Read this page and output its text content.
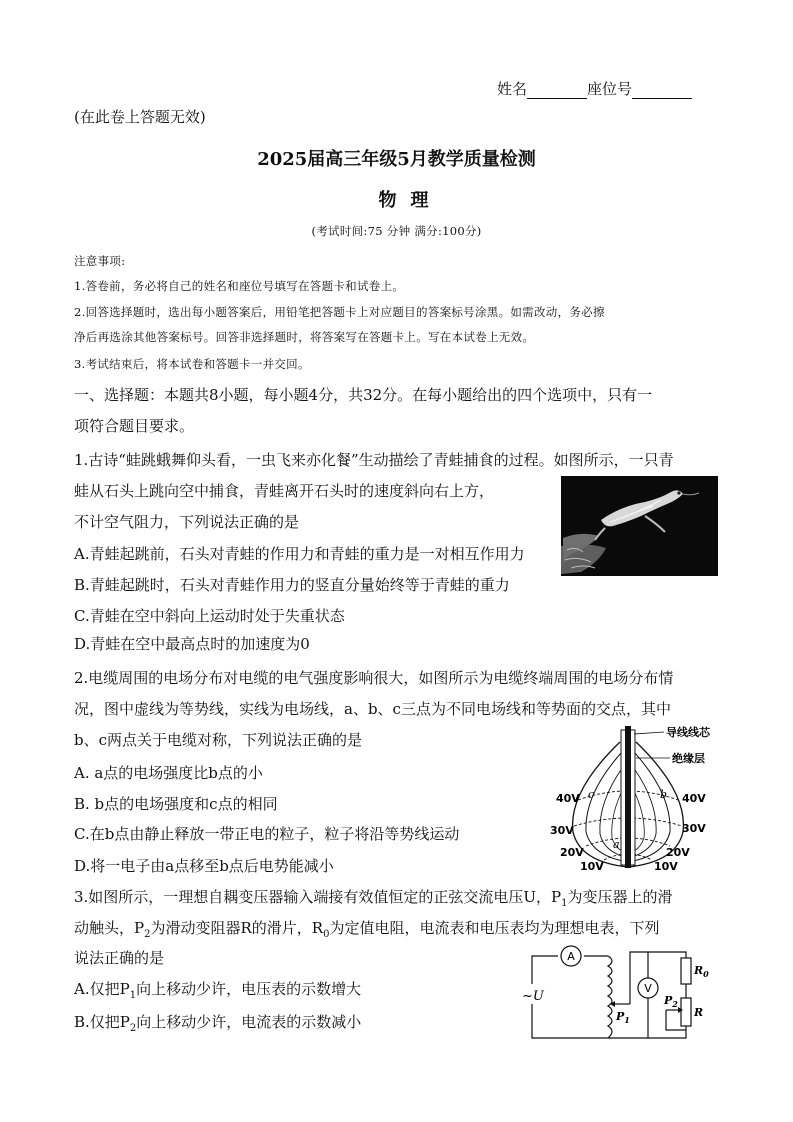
姓名	座位号
(在此卷上答题无效)
2025届高三年级5月教学质量检测
物理
(考试时间:75 分钟 满分:100分)
注意事项:
1.答卷前，务必将自己的姓名和座位号填写在答题卡和试卷上。
2.回答选择题时，选出每小题答案后，用铅笔把答题卡上对应题目的答案标号涂黑。如需改动，务必擦
净后再选涂其他答案标号。回答非选择题时，将答案写在答题卡上。写在本试卷上无效。
3.考试结束后，将本试卷和答题卡一并交回。
一、选择题：本题共8小题，每小题4分，共32分。在每小题给出的四个选项中，只有一
项符合题目要求。
1.古诗“蛙跳蛾舞仰头看，一虫飞来亦化餐”生动描绘了青蛙捕食的过程。如图所示，一只青
蛙从石头上跳向空中捕食，青蛙离开石头时的速度斜向右上方，
不计空气阻力，下列说法正确的是
A.青蛙起跳前，石头对青蛙的作用力和青蛙的重力是一对相互作用力
B.青蛙起跳时，石头对青蛙作用力的竖直分量始终等于青蛙的重力
C.青蛙在空中斜向上运动时处于失重状态
D.青蛙在空中最高点时的加速度为0
2.电缆周围的电场分布对电缆的电气强度影响很大，如图所示为电缆终端周围的电场分布情
况，图中虚线为等势线，实线为电场线，a、b、c三点为不同电场线和等势面的交点，其中
b、c两点关于电缆对称，下列说法正确的是
A. a点的电场强度比b点的小
B. b点的电场强度和c点的相同
C.在b点由静止释放一带正电的粒子，粒子将沿等势线运动
D.将一电子由a点移至b点后电势能减小
导线线芯
绝缘层
40V	40V
30V	30V
20V	20V
10V	10V
a
b
c
3.如图所示，一理想自耦变压器输入端接有效值恒定的正弦交流电压U，$P_1$为变压器上的滑
动触头，$P_2$为滑动变阻器R的滑片，$R_0$为定值电阻，电流表和电压表均为理想电表，下列
说法正确的是
A.仅把$P_1$向上移动少许，电压表的示数增大
B.仅把$P_2$向上移动少许，电流表的示数减小
A
V
~U
$P_1$
$P_2$
$R_0$
R
